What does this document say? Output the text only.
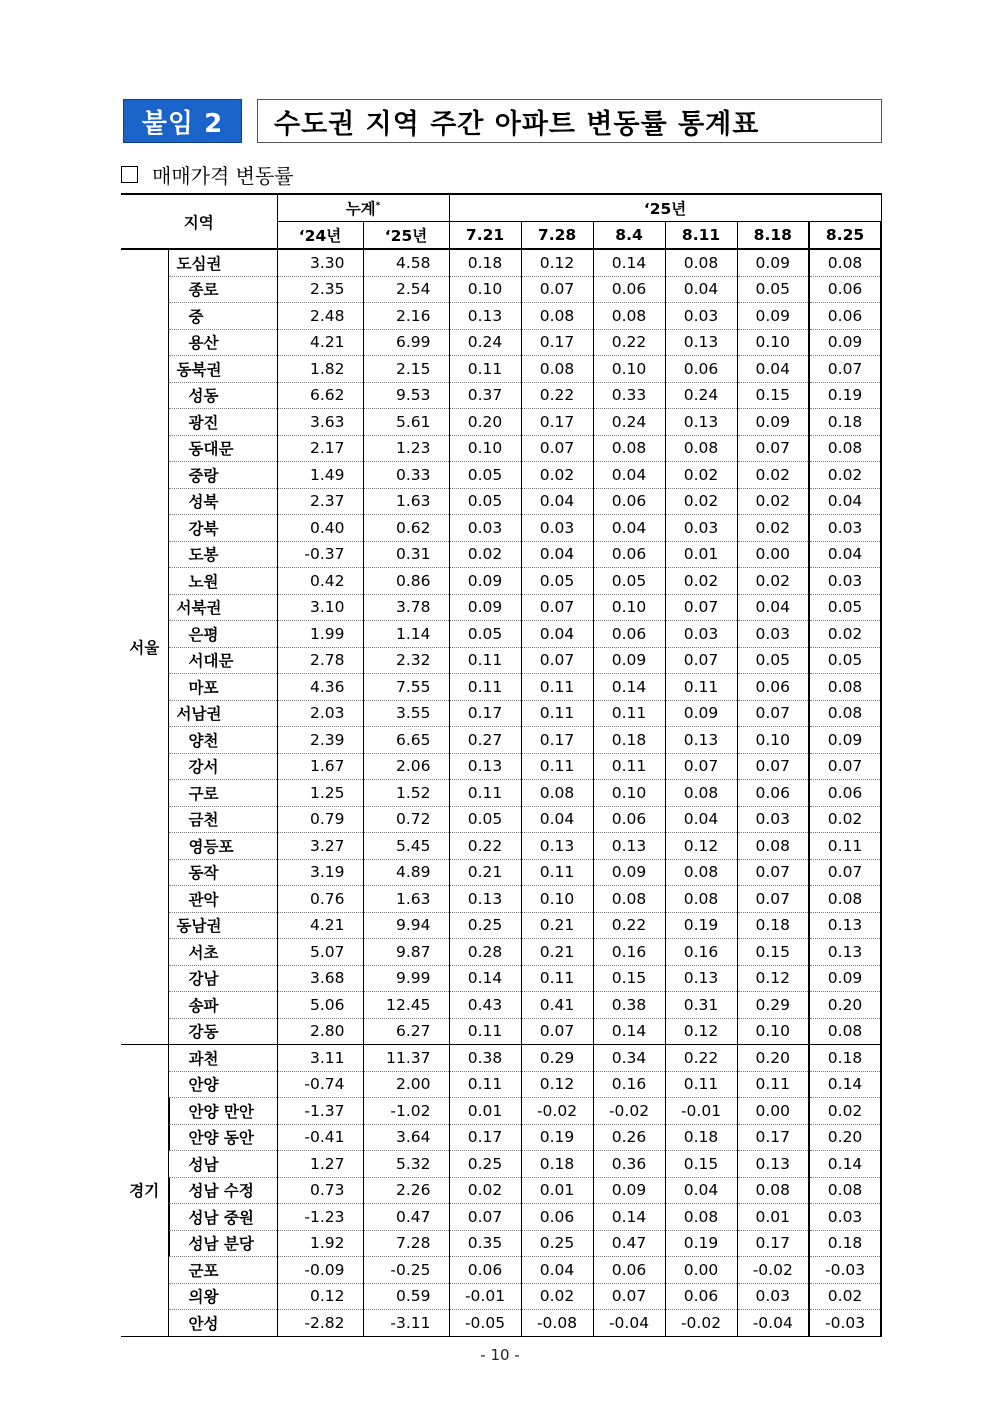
붙임 2	수도권 지역 주간 아파트 변동률 통계표
매매가격 변동률
지역		누계*		‘25년					
		‘24년	‘25년	7.21	7.28	8.4	8.11	8.18	8.25
서울	도심권	3.30	4.58	0.18	0.12	0.14	0.08	0.09	0.08
	종로	2.35	2.54	0.10	0.07	0.06	0.04	0.05	0.06
	중	2.48	2.16	0.13	0.08	0.08	0.03	0.09	0.06
	용산	4.21	6.99	0.24	0.17	0.22	0.13	0.10	0.09
	동북권	1.82	2.15	0.11	0.08	0.10	0.06	0.04	0.07
	성동	6.62	9.53	0.37	0.22	0.33	0.24	0.15	0.19
	광진	3.63	5.61	0.20	0.17	0.24	0.13	0.09	0.18
	동대문	2.17	1.23	0.10	0.07	0.08	0.08	0.07	0.08
	중랑	1.49	0.33	0.05	0.02	0.04	0.02	0.02	0.02
	성북	2.37	1.63	0.05	0.04	0.06	0.02	0.02	0.04
	강북	0.40	0.62	0.03	0.03	0.04	0.03	0.02	0.03
	도봉	-0.37	0.31	0.02	0.04	0.06	0.01	0.00	0.04
	노원	0.42	0.86	0.09	0.05	0.05	0.02	0.02	0.03
	서북권	3.10	3.78	0.09	0.07	0.10	0.07	0.04	0.05
	은평	1.99	1.14	0.05	0.04	0.06	0.03	0.03	0.02
	서대문	2.78	2.32	0.11	0.07	0.09	0.07	0.05	0.05
	마포	4.36	7.55	0.11	0.11	0.14	0.11	0.06	0.08
	서남권	2.03	3.55	0.17	0.11	0.11	0.09	0.07	0.08
	양천	2.39	6.65	0.27	0.17	0.18	0.13	0.10	0.09
	강서	1.67	2.06	0.13	0.11	0.11	0.07	0.07	0.07
	구로	1.25	1.52	0.11	0.08	0.10	0.08	0.06	0.06
	금천	0.79	0.72	0.05	0.04	0.06	0.04	0.03	0.02
	영등포	3.27	5.45	0.22	0.13	0.13	0.12	0.08	0.11
	동작	3.19	4.89	0.21	0.11	0.09	0.08	0.07	0.07
	관악	0.76	1.63	0.13	0.10	0.08	0.08	0.07	0.08
	동남권	4.21	9.94	0.25	0.21	0.22	0.19	0.18	0.13
	서초	5.07	9.87	0.28	0.21	0.16	0.16	0.15	0.13
	강남	3.68	9.99	0.14	0.11	0.15	0.13	0.12	0.09
	송파	5.06	12.45	0.43	0.41	0.38	0.31	0.29	0.20
	강동	2.80	6.27	0.11	0.07	0.14	0.12	0.10	0.08
경기	과천	3.11	11.37	0.38	0.29	0.34	0.22	0.20	0.18
	안양	-0.74	2.00	0.11	0.12	0.16	0.11	0.11	0.14
	안양 만안	-1.37	-1.02	0.01	-0.02	-0.02	-0.01	0.00	0.02
	안양 동안	-0.41	3.64	0.17	0.19	0.26	0.18	0.17	0.20
	성남	1.27	5.32	0.25	0.18	0.36	0.15	0.13	0.14
	성남 수정	0.73	2.26	0.02	0.01	0.09	0.04	0.08	0.08
	성남 중원	-1.23	0.47	0.07	0.06	0.14	0.08	0.01	0.03
	성남 분당	1.92	7.28	0.35	0.25	0.47	0.19	0.17	0.18
	군포	-0.09	-0.25	0.06	0.04	0.06	0.00	-0.02	-0.03
	의왕	0.12	0.59	-0.01	0.02	0.07	0.06	0.03	0.02
	안성	-2.82	-3.11	-0.05	-0.08	-0.04	-0.02	-0.04	-0.03
- 10 -
